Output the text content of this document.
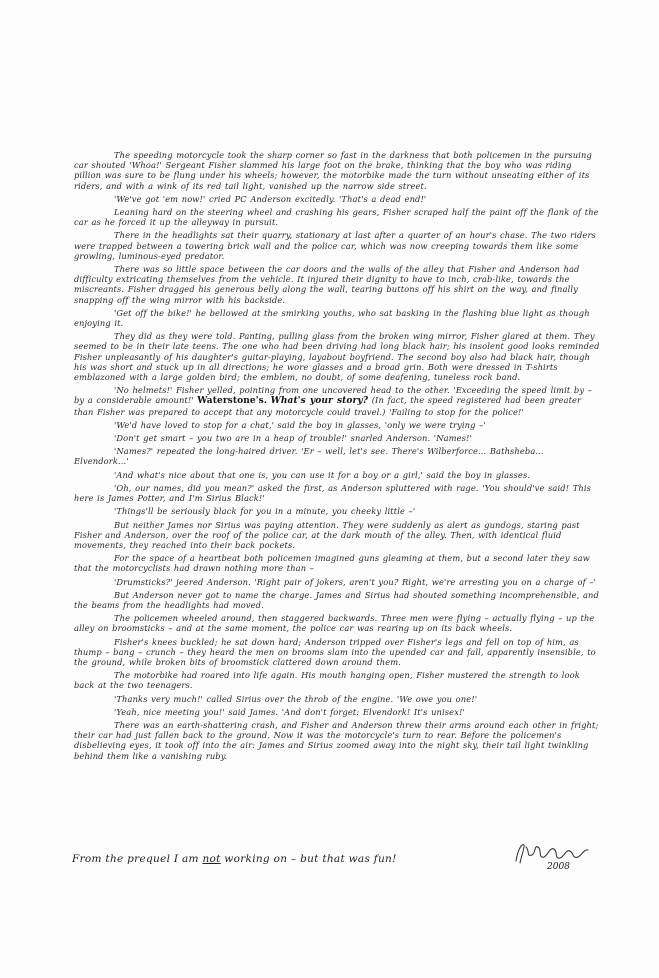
The speeding motorcycle took the sharp corner so fast in the darkness that both policemen in the pursuing car shouted 'Whoa!' Sergeant Fisher slammed his large foot on the brake, thinking that the boy who was riding pillion was sure to be flung under his wheels; however, the motorbike made the turn without unseating either of its riders, and with a wink of its red tail light, vanished up the narrow side street.

'We've got 'em now!' cried PC Anderson excitedly. 'That's a dead end!'

Leaning hard on the steering wheel and crashing his gears, Fisher scraped half the paint off the flank of the car as he forced it up the alleyway in pursuit.

There in the headlights sat their quarry, stationary at last after a quarter of an hour's chase. The two riders were trapped between a towering brick wall and the police car, which was now creeping towards them like some growling, luminous-eyed predator.

There was so little space between the car doors and the walls of the alley that Fisher and Anderson had difficulty extricating themselves from the vehicle. It injured their dignity to have to inch, crab-like, towards the miscreants. Fisher dragged his generous belly along the wall, tearing buttons off his shirt on the way, and finally snapping off the wing mirror with his backside.

'Get off the bike!' he bellowed at the smirking youths, who sat basking in the flashing blue light as though enjoying it.

They did as they were told. Panting, pulling glass from the broken wing mirror, Fisher glared at them. They seemed to be in their late teens. The one who had been driving had long black hair; his insolent good looks reminded Fisher unpleasantly of his daughter's guitar-playing, layabout boyfriend. The second boy also had black hair, though his was short and stuck up in all directions; he wore glasses and a broad grin. Both were dressed in T-shirts emblazoned with a large golden bird; the emblem, no doubt, of some deafening, tuneless rock band.

'No helmets!' Fisher yelled, pointing from one uncovered head to the other. 'Exceeding the speed limit by – by a considerable amount!' Waterstone's. What's your story? (In fact, the speed registered had been greater than Fisher was prepared to accept that any motorcycle could travel.) 'Failing to stop for the police!'

'We'd have loved to stop for a chat,' said the boy in glasses, 'only we were trying –'

'Don't get smart – you two are in a heap of trouble!' snarled Anderson. 'Names!'

'Names?' repeated the long-haired driver. 'Er – well, let's see. There's Wilberforce... Bathsheba... Elvendork...'

'And what's nice about that one is, you can use it for a boy or a girl,' said the boy in glasses.

'Oh, our names, did you mean?' asked the first, as Anderson spluttered with rage. 'You should've said! This here is James Potter, and I'm Sirius Black!'

'Things'll be seriously black for you in a minute, you cheeky little –'

But neither James nor Sirius was paying attention. They were suddenly as alert as gundogs, staring past Fisher and Anderson, over the roof of the police car, at the dark mouth of the alley. Then, with identical fluid movements, they reached into their back pockets.

For the space of a heartbeat both policemen imagined guns gleaming at them, but a second later they saw that the motorcyclists had drawn nothing more than –

'Drumsticks?' jeered Anderson. 'Right pair of jokers, aren't you? Right, we're arresting you on a charge of –'

But Anderson never got to name the charge. James and Sirius had shouted something incomprehensible, and the beams from the headlights had moved.

The policemen wheeled around, then staggered backwards. Three men were flying – actually flying – up the alley on broomsticks – and at the same moment, the police car was rearing up on its back wheels.

Fisher's knees buckled; he sat down hard; Anderson tripped over Fisher's legs and fell on top of him, as thump – bang – crunch – they heard the men on brooms slam into the upended car and fall, apparently insensible, to the ground, while broken bits of broomstick clattered down around them.

The motorbike had roared into life again. His mouth hanging open, Fisher mustered the strength to look back at the two teenagers.

'Thanks very much!' called Sirius over the throb of the engine. 'We owe you one!'

'Yeah, nice meeting you!' said James. 'And don't forget: Elvendork! It's unisex!'

There was an earth-shattering crash, and Fisher and Anderson threw their arms around each other in fright; their car had just fallen back to the ground. Now it was the motorcycle's turn to rear. Before the policemen's disbelieving eyes, it took off into the air: James and Sirius zoomed away into the night sky, their tail light twinkling behind them like a vanishing ruby.

From the prequel I am not working on – but that was fun!
2008
